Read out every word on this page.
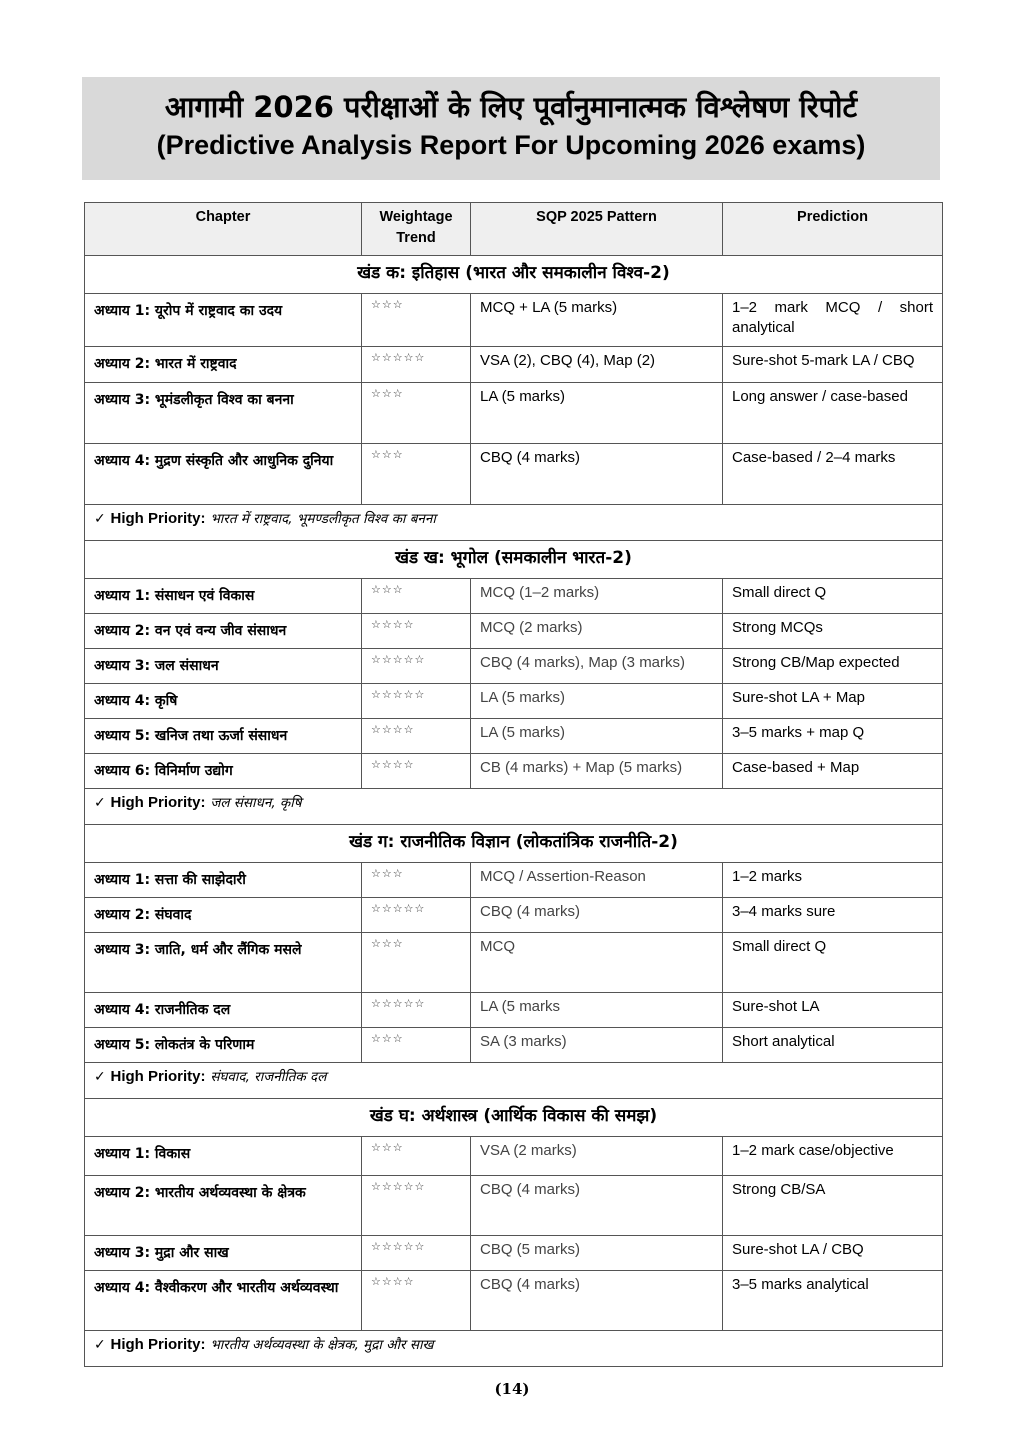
आगामी 2026 परीक्षाओं के लिए पूर्वानुमानात्मक विश्लेषण रिपोर्ट
(Predictive Analysis Report For Upcoming 2026 exams)
Chapter	Weightage Trend	SQP 2025 Pattern	Prediction
खंड क: इतिहास (भारत और समकालीन विश्व-2)			
अध्याय 1: यूरोप में राष्ट्रवाद का उदय	☆☆☆	MCQ + LA (5 marks)	1–2 mark MCQ / short analytical
अध्याय 2: भारत में राष्ट्रवाद	☆☆☆☆☆	VSA (2), CBQ (4), Map (2)	Sure-shot 5-mark LA / CBQ
अध्याय 3: भूमंडलीकृत विश्व का बनना	☆☆☆	LA (5 marks)	Long answer / case-based
अध्याय 4: मुद्रण संस्कृति और आधुनिक दुनिया	☆☆☆	CBQ (4 marks)	Case-based / 2–4 marks
✓ High Priority: भारत में राष्ट्रवाद, भूमण्डलीकृत विश्व का बनना			
खंड ख: भूगोल (समकालीन भारत-2)			
अध्याय 1: संसाधन एवं विकास	☆☆☆	MCQ (1–2 marks)	Small direct Q
अध्याय 2: वन एवं वन्य जीव संसाधन	☆☆☆☆	MCQ (2 marks)	Strong MCQs
अध्याय 3: जल संसाधन	☆☆☆☆☆	CBQ (4 marks), Map (3 marks)	Strong CB/Map expected
अध्याय 4: कृषि	☆☆☆☆☆	LA (5 marks)	Sure-shot LA + Map
अध्याय 5: खनिज तथा ऊर्जा संसाधन	☆☆☆☆	LA (5 marks)	3–5 marks + map Q
अध्याय 6: विनिर्माण उद्योग	☆☆☆☆	CB (4 marks) + Map (5 marks)	Case-based + Map
✓ High Priority: जल संसाधन, कृषि			
खंड ग: राजनीतिक विज्ञान (लोकतांत्रिक राजनीति-2)			
अध्याय 1: सत्ता की साझेदारी	☆☆☆	MCQ / Assertion-Reason	1–2 marks
अध्याय 2: संघवाद	☆☆☆☆☆	CBQ (4 marks)	3–4 marks sure
अध्याय 3: जाति, धर्म और लैंगिक मसले	☆☆☆	MCQ	Small direct Q
अध्याय 4: राजनीतिक दल	☆☆☆☆☆	LA (5 marks	Sure-shot LA
अध्याय 5: लोकतंत्र के परिणाम	☆☆☆	SA (3 marks)	Short analytical
✓ High Priority: संघवाद, राजनीतिक दल			
खंड घ: अर्थशास्त्र (आर्थिक विकास की समझ)			
अध्याय 1: विकास	☆☆☆	VSA (2 marks)	1–2 mark case/objective
अध्याय 2: भारतीय अर्थव्यवस्था के क्षेत्रक	☆☆☆☆☆	CBQ (4 marks)	Strong CB/SA
अध्याय 3: मुद्रा और साख	☆☆☆☆☆	CBQ (5 marks)	Sure-shot LA / CBQ
अध्याय 4: वैश्वीकरण और भारतीय अर्थव्यवस्था	☆☆☆☆	CBQ (4 marks)	3–5 marks analytical
✓ High Priority: भारतीय अर्थव्यवस्था के क्षेत्रक, मुद्रा और साख			
(14)
